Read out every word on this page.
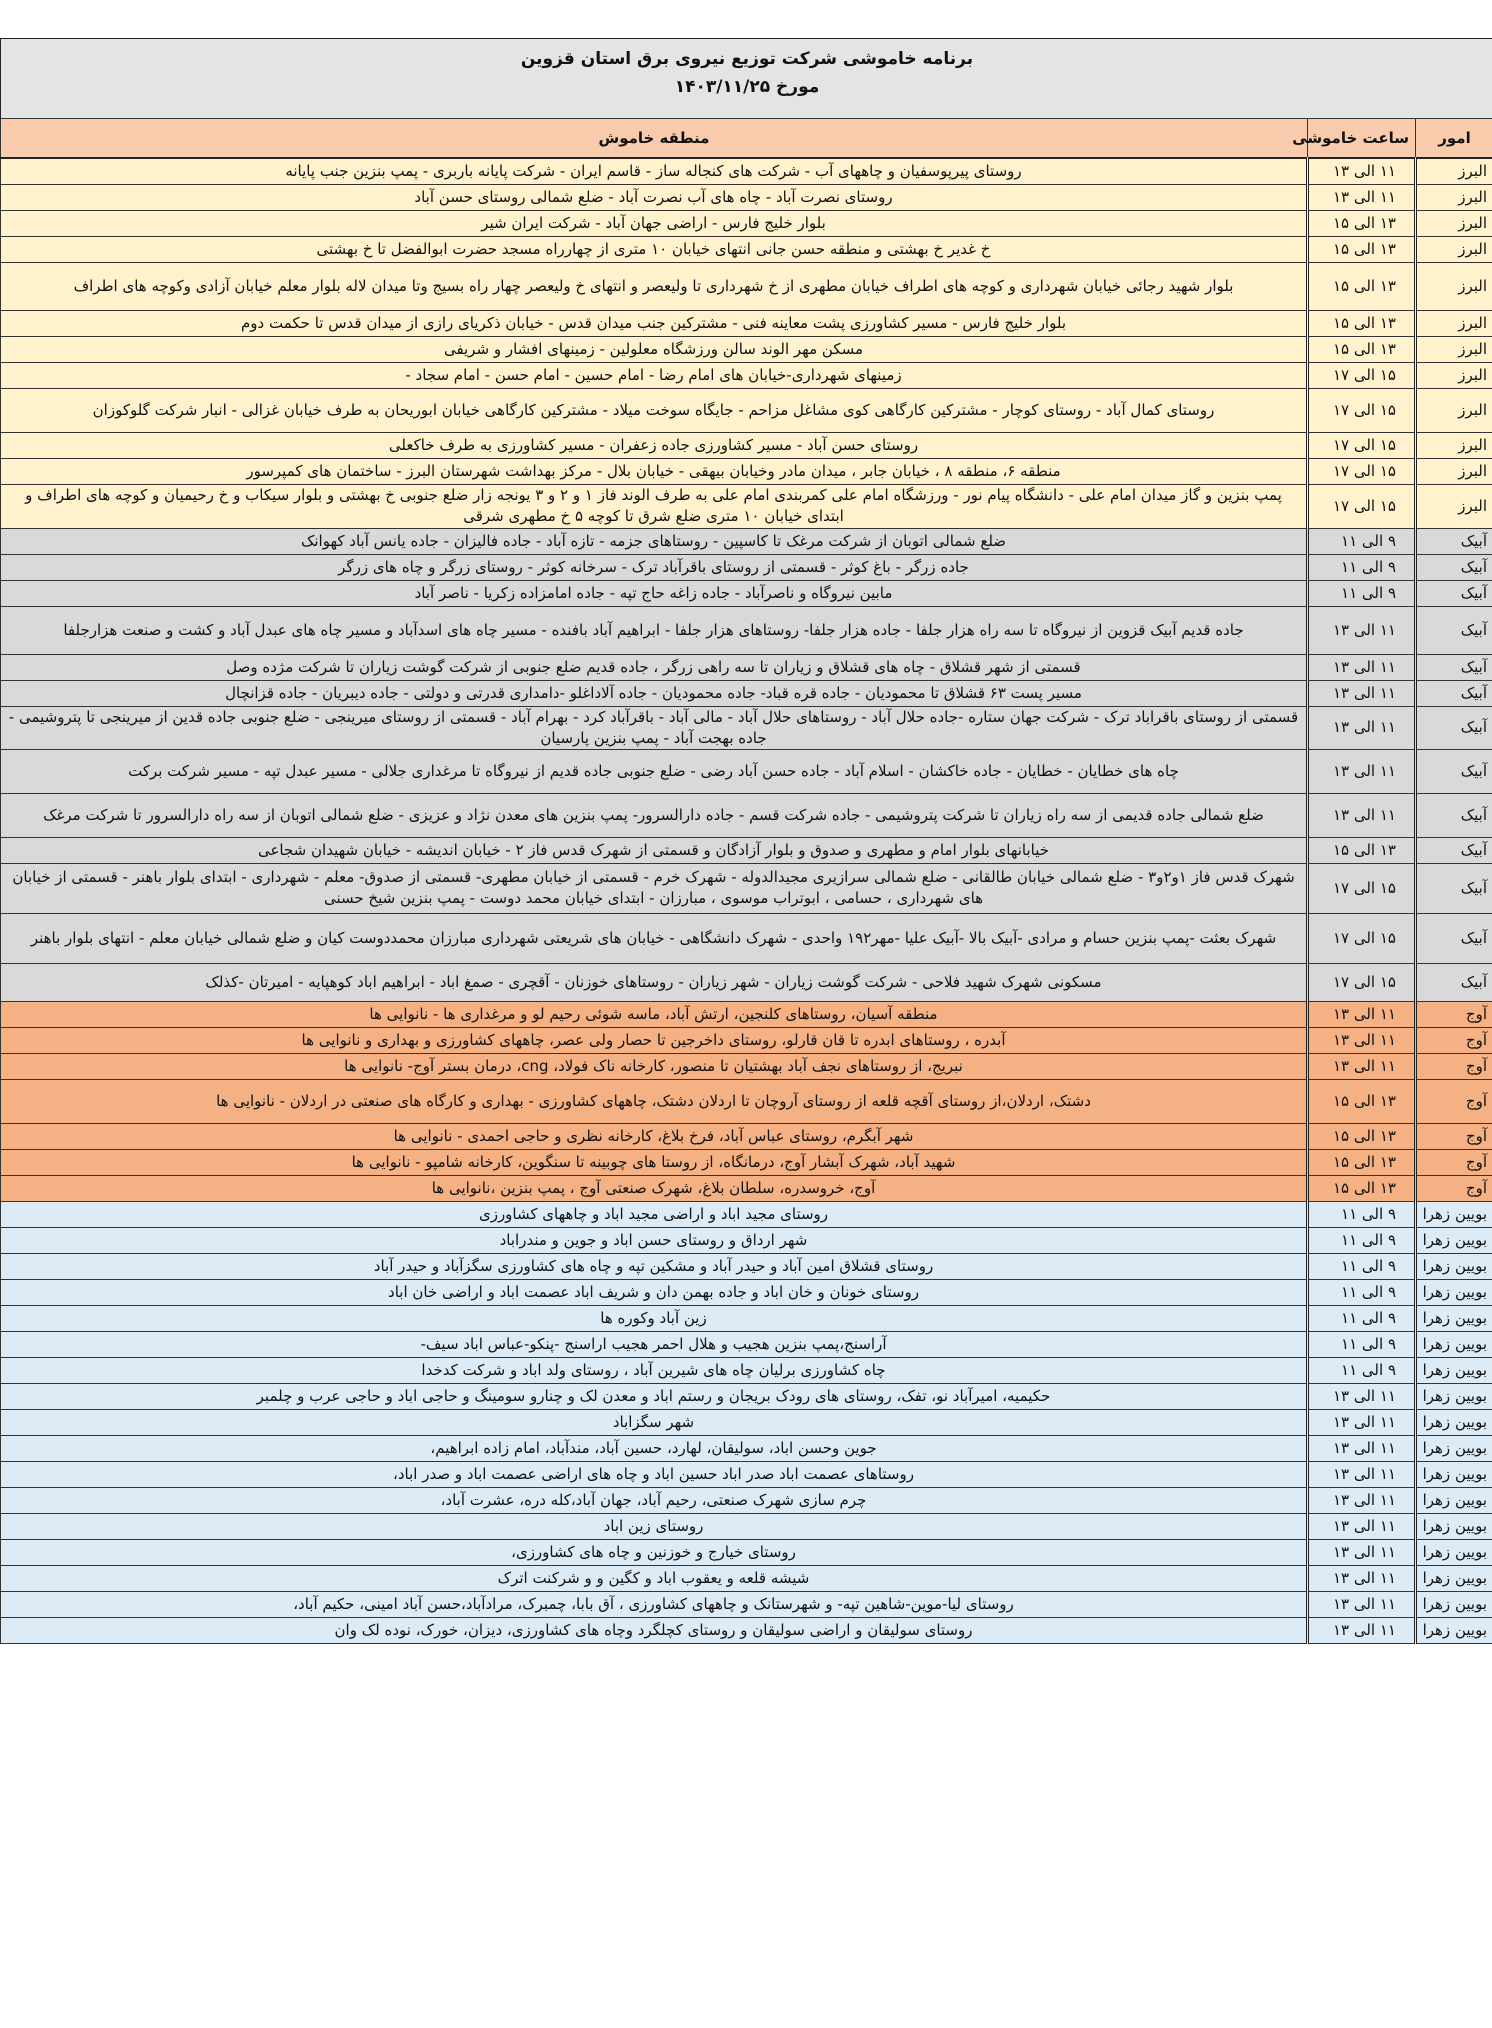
برنامه خاموشی شرکت توزیع نیروی برق استان قزوین
مورخ ۱۴۰۳/۱۱/۲۵
امور	ساعت خاموشی	منطقه خاموش
البرز	۱۱ الی ۱۳	روستای پیرپوسفیان و چاههای آب - شرکت های کنجاله ساز - قاسم ایران - شرکت پایانه باربری - پمپ بنزین جنب پایانه
البرز	۱۱ الی ۱۳	روستای نصرت آباد - چاه های آب نصرت آباد - ضلع شمالی روستای حسن آباد
البرز	۱۳ الی ۱۵	بلوار خلیج فارس - اراضی جهان آباد - شرکت ایران شیر
البرز	۱۳ الی ۱۵	خ غدیر خ بهشتی و منطقه حسن جانی انتهای خیابان ۱۰ متری از چهارراه مسجد حضرت ابوالفضل تا خ بهشتی
البرز	۱۳ الی ۱۵	بلوار شهید رجائی خیابان شهرداری و کوچه های اطراف خیابان مطهری از خ شهرداری تا ولیعصر و انتهای خ ولیعصر چهار راه بسیج وتا میدان لاله بلوار معلم خیابان آزادی وکوچه های اطراف
البرز	۱۳ الی ۱۵	بلوار خلیج فارس - مسیر کشاورزی پشت معاینه فنی - مشترکین جنب میدان قدس - خیابان ذکریای رازی از میدان قدس تا حکمت دوم
البرز	۱۳ الی ۱۵	مسکن مهر الوند سالن ورزشگاه معلولین - زمینهای افشار و شریفی
البرز	۱۵ الی ۱۷	زمینهای شهرداری-خیابان های امام رضا - امام حسین - امام حسن - امام سجاد -
البرز	۱۵ الی ۱۷	روستای کمال آباد - روستای کوچار - مشترکین کارگاهی کوی مشاغل مزاحم - جایگاه سوخت میلاد - مشترکین کارگاهی خیابان ابوریحان به طرف خیابان غزالی - انبار شرکت گلوکوزان
البرز	۱۵ الی ۱۷	روستای حسن آباد - مسیر کشاورزی جاده زعفران - مسیر کشاورزی به طرف خاکعلی
البرز	۱۵ الی ۱۷	منطقه ۶، منطقه ۸ ، خیابان جابر ، میدان مادر وخیابان بیهقی - خیابان بلال - مرکز بهداشت شهرستان البرز - ساختمان های کمپرسور
البرز	۱۵ الی ۱۷	پمپ بنزین و گاز میدان امام علی - دانشگاه پیام نور - ورزشگاه امام علی کمربندی امام علی به طرف الوند فاز ۱ و ۲ و ۳ یونجه زار ضلع جنوبی خ بهشتی و بلوار سیکاب و خ رحیمیان و کوچه های اطراف و ابتدای خیابان ۱۰ متری ضلع شرق تا کوچه ۵ خ مطهری شرقی
آبیک	۹ الی ۱۱	ضلع شمالی اتوبان از شرکت مرغک تا کاسپین - روستاهای جزمه - تازه آباد - جاده فالیزان - جاده یانس آباد کهوانک
آبیک	۹ الی ۱۱	جاده زرگر - باغ کوثر - قسمتی از روستای باقرآباد ترک - سرخانه کوثر - روستای زرگر و چاه های زرگر
آبیک	۹ الی ۱۱	مابین نیروگاه و ناصرآباد - جاده زاغه حاج تپه - جاده امامزاده زکریا - ناصر آباد
آبیک	۱۱ الی ۱۳	جاده قدیم آبیک قزوین از نیروگاه تا سه راه هزار جلفا - جاده هزار جلفا- روستاهای هزار جلفا - ابراهیم آباد بافنده - مسیر چاه های اسدآباد و مسیر چاه های عبدل آباد و کشت و صنعت هزارجلفا
آبیک	۱۱ الی ۱۳	قسمتی از شهر قشلاق - چاه های قشلاق و زیاران تا سه راهی زرگر ، جاده قدیم ضلع جنوبی از شرکت گوشت زیاران تا شرکت مژده وصل
آبیک	۱۱ الی ۱۳	مسیر پست ۶۳ قشلاق تا محمودیان - جاده قره قباد- جاده محمودیان - جاده آلاداغلو -دامداری قدرتی و دولتی - جاده دیبریان - جاده قزانچال
آبیک	۱۱ الی ۱۳	قسمتی از روستای باقراباد ترک - شرکت جهان ستاره -جاده حلال آباد - روستاهای حلال آباد - مالی آباد - باقرآباد کرد - بهرام آباد - قسمتی از روستای میرینجی - ضلع جنوبی جاده قدین از میرینجی تا پتروشیمی - جاده بهجت آباد - پمپ بنزین پارسیان
آبیک	۱۱ الی ۱۳	چاه های خطایان - خطایان - جاده خاکشان - اسلام آباد - جاده حسن آباد رضی - ضلع جنوبی جاده قدیم از نیروگاه تا مرغداری جلالی - مسیر عبدل تپه - مسیر شرکت برکت
آبیک	۱۱ الی ۱۳	ضلع شمالی جاده قدیمی از سه راه زیاران تا شرکت پتروشیمی - جاده شرکت قسم - جاده دارالسرور- پمپ بنزین های معدن نژاد و عزیزی - ضلع شمالی اتوبان از سه راه دارالسرور تا شرکت مرغک
آبیک	۱۳ الی ۱۵	خیابانهای بلوار امام و مطهری و صدوق و بلوار آزادگان و قسمتی از شهرک قدس فاز ۲ - خیابان اندیشه - خیابان شهیدان شجاعی
آبیک	۱۵ الی ۱۷	شهرک قدس فاز ۱و۲و۳ - ضلع شمالی خیابان طالقانی - ضلع شمالی سرازیری مجیدالدوله - شهرک خرم - قسمتی از خیابان مطهری- قسمتی از صدوق- معلم - شهرداری - ابتدای بلوار باهنر - قسمتی از خیابان های شهرداری ، حسامی ، ابوتراب موسوی ، مبارزان - ابتدای خیابان محمد دوست - پمپ بنزین شیخ حسنی
آبیک	۱۵ الی ۱۷	شهرک بعثت -پمپ بنزین حسام و مرادی -آبیک بالا -آبیک علیا -مهر۱۹۲ واحدی - شهرک دانشگاهی - خیابان های شریعتی شهرداری مبارزان محمددوست کیان و ضلع شمالی خیابان معلم - انتهای بلوار باهنر
آبیک	۱۵ الی ۱۷	مسکونی شهرک شهید فلاحی - شرکت گوشت زیاران - شهر زیاران - روستاهای خوزنان - آقچری - صمغ اباد - ابراهیم اباد کوهپایه - امیرتان -کذلک
آوج	۱۱ الی ۱۳	منطقه آسیان، روستاهای کلنجین، ارتش آباد، ماسه شوئی رحیم لو و مرغداری ها - نانوایی ها
آوج	۱۱ الی ۱۳	آبدره ، روستاهای ابدره تا قان قارلو، روستای داخرجین تا حصار ولی عصر، چاههای کشاورزی و بهداری و نانوایی ها
آوج	۱۱ الی ۱۳	نبریج، از روستاهای نجف آباد بهشتیان تا منصور، کارخانه ناک فولاد، cng، درمان بستر آوج- نانوایی ها
آوج	۱۳ الی ۱۵	دشتک، اردلان،از روستای آقچه قلعه از روستای آروچان تا اردلان دشتک، چاههای کشاورزی - بهداری و کارگاه های صنعتی در اردلان - نانوایی ها
آوج	۱۳ الی ۱۵	شهر آبگرم، روستای عباس آباد، فرخ بلاغ، کارخانه نظری و حاجی احمدی - نانوایی ها
آوج	۱۳ الی ۱۵	شهید آباد، شهرک آبشار آوج، درمانگاه، از روستا های چوبینه تا سنگوین، کارخانه شامپو - نانوایی ها
آوج	۱۳ الی ۱۵	آوج، خروسدره، سلطان بلاغ، شهرک صنعتی آوج ، پمپ بنزین ،نانوایی ها
بویین زهرا	۹ الی ۱۱	روستای مجید اباد و اراضی مجید اباد و چاههای کشاورزی
بویین زهرا	۹ الی ۱۱	شهر ارداق و روستای حسن اباد و جوین و مندراباد
بویین زهرا	۹ الی ۱۱	روستای قشلاق امین آباد و حیدر آباد و مشکین تپه و چاه های کشاورزی سگزآباد و حیدر آباد
بویین زهرا	۹ الی ۱۱	روستای خونان و خان اباد و جاده بهمن دان و شریف اباد عصمت اباد و اراضی خان اباد
بویین زهرا	۹ الی ۱۱	زین آباد وکوره ها
بویین زهرا	۹ الی ۱۱	آراسنج،پمپ بنزین هجیب و هلال احمر هجیب اراسنج -پنکو-عباس اباد سیف-
بویین زهرا	۹ الی ۱۱	چاه کشاورزی برلیان چاه های شیرین آباد ، روستای ولد اباد و شرکت کدخدا
بویین زهرا	۱۱ الی ۱۳	حکیمیه، امیرآباد نو، تفک، روستای های رودک بریجان و رستم اباد و معدن لک و چنارو سومینگ و حاجی اباد و حاجی عرب و چلمبر
بویین زهرا	۱۱ الی ۱۳	شهر سگزاباد
بویین زهرا	۱۱ الی ۱۳	جوین وحسن اباد، سولیقان، لهارد، حسین آباد، مندآباد، امام زاده ابراهیم،
بویین زهرا	۱۱ الی ۱۳	روستاهای عصمت اباد صدر اباد حسین اباد و چاه های اراضی عصمت اباد و صدر اباد،
بویین زهرا	۱۱ الی ۱۳	چرم سازی شهرک صنعتی، رحیم آباد، جهان آباد،کله دره، عشرت آباد،
بویین زهرا	۱۱ الی ۱۳	روستای زین اباد
بویین زهرا	۱۱ الی ۱۳	روستای خیارج و خوزنین و چاه های کشاورزی،
بویین زهرا	۱۱ الی ۱۳	شیشه قلعه و یعقوب اباد و کگین و و شرکنت اترک
بویین زهرا	۱۱ الی ۱۳	روستای لیا-موین-شاهین تپه- و شهرستانک و چاههای کشاورزی ، آق بابا، چمبرک، مرادآباد،حسن آباد امینی، حکیم آباد،
بویین زهرا	۱۱ الی ۱۳	روستای سولیقان و اراضی سولیقان و روستای کچلگرد وچاه های کشاورزی، دیزان، خورک، نوده لک وان
